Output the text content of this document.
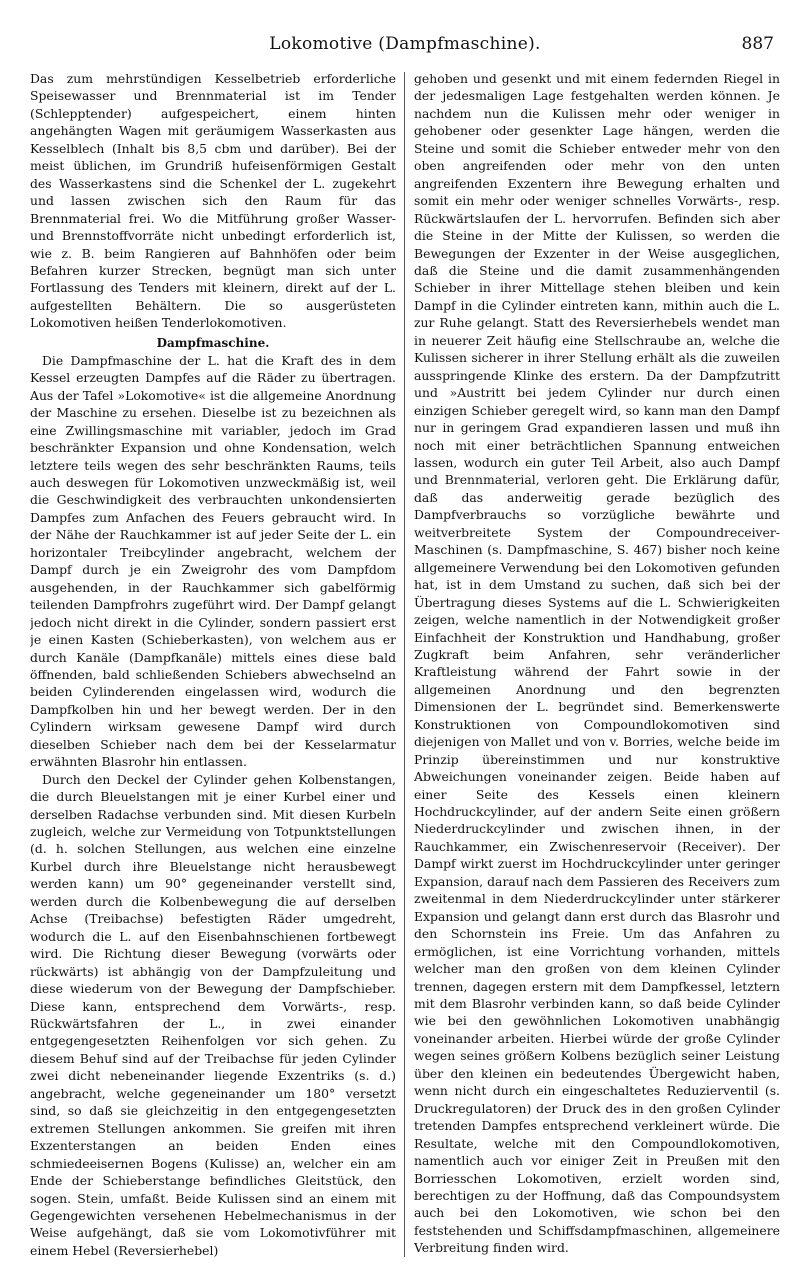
Lokomotive (Dampfmaschine).	887

Das zum mehrstündigen Kesselbetrieb erforderliche Speisewasser und Brennmaterial ist im Tender (Schlepptender) aufgespeichert, einem hinten angehängten Wagen mit geräumigem Wasserkasten aus Kesselblech (Inhalt bis 8,5 cbm und darüber). Bei der meist üblichen, im Grundriß hufeisenförmigen Gestalt des Wasserkastens sind die Schenkel der L. zugekehrt und lassen zwischen sich den Raum für das Brennmaterial frei. Wo die Mitführung großer Wasser- und Brennstoffvorräte nicht unbedingt erforderlich ist, wie z. B. beim Rangieren auf Bahnhöfen oder beim Befahren kurzer Strecken, begnügt man sich unter Fortlassung des Tenders mit kleinern, direkt auf der L. aufgestellten Behältern. Die so ausgerüsteten Lokomotiven heißen Tenderlokomotiven.

Dampfmaschine.

Die Dampfmaschine der L. hat die Kraft des in dem Kessel erzeugten Dampfes auf die Räder zu übertragen. Aus der Tafel »Lokomotive« ist die allgemeine Anordnung der Maschine zu ersehen. Dieselbe ist zu bezeichnen als eine Zwillingsmaschine mit variabler, jedoch im Grad beschränkter Expansion und ohne Kondensation, welch letztere teils wegen des sehr beschränkten Raums, teils auch deswegen für Lokomotiven unzweckmäßig ist, weil die Geschwindigkeit des verbrauchten unkondensierten Dampfes zum Anfachen des Feuers gebraucht wird. In der Nähe der Rauchkammer ist auf jeder Seite der L. ein horizontaler Treibcylinder angebracht, welchem der Dampf durch je ein Zweigrohr des vom Dampfdom ausgehenden, in der Rauchkammer sich gabelförmig teilenden Dampfrohrs zugeführt wird. Der Dampf gelangt jedoch nicht direkt in die Cylinder, sondern passiert erst je einen Kasten (Schieberkasten), von welchem aus er durch Kanäle (Dampfkanäle) mittels eines diese bald öffnenden, bald schließenden Schiebers abwechselnd an beiden Cylinderenden eingelassen wird, wodurch die Dampfkolben hin und her bewegt werden. Der in den Cylindern wirksam gewesene Dampf wird durch dieselben Schieber nach dem bei der Kesselarmatur erwähnten Blasrohr hin entlassen.

Durch den Deckel der Cylinder gehen Kolbenstangen, die durch Bleuelstangen mit je einer Kurbel einer und derselben Radachse verbunden sind. Mit diesen Kurbeln zugleich, welche zur Vermeidung von Totpunktstellungen (d. h. solchen Stellungen, aus welchen eine einzelne Kurbel durch ihre Bleuelstange nicht herausbewegt werden kann) um 90° gegeneinander verstellt sind, werden durch die Kolbenbewegung die auf derselben Achse (Treibachse) befestigten Räder umgedreht, wodurch die L. auf den Eisenbahnschienen fortbewegt wird. Die Richtung dieser Bewegung (vorwärts oder rückwärts) ist abhängig von der Dampfzuleitung und diese wiederum von der Bewegung der Dampfschieber. Diese kann, entsprechend dem Vorwärts-, resp. Rückwärtsfahren der L., in zwei einander entgegengesetzten Reihenfolgen vor sich gehen. Zu diesem Behuf sind auf der Treibachse für jeden Cylinder zwei dicht nebeneinander liegende Exzentriks (s. d.) angebracht, welche gegeneinander um 180° versetzt sind, so daß sie gleichzeitig in den entgegengesetzten extremen Stellungen ankommen. Sie greifen mit ihren Exzenterstangen an beiden Enden eines schmiedeeisernen Bogens (Kulisse) an, welcher ein am Ende der Schieberstange befindliches Gleitstück, den sogen. Stein, umfaßt. Beide Kulissen sind an einem mit Gegengewichten versehenen Hebelmechanismus in der Weise aufgehängt, daß sie vom Lokomotivführer mit einem Hebel (Reversierhebel)

gehoben und gesenkt und mit einem federnden Riegel in der jedesmaligen Lage festgehalten werden können. Je nachdem nun die Kulissen mehr oder weniger in gehobener oder gesenkter Lage hängen, werden die Steine und somit die Schieber entweder mehr von den oben angreifenden oder mehr von den unten angreifenden Exzentern ihre Bewegung erhalten und somit ein mehr oder weniger schnelles Vorwärts-, resp. Rückwärtslaufen der L. hervorrufen. Befinden sich aber die Steine in der Mitte der Kulissen, so werden die Bewegungen der Exzenter in der Weise ausgeglichen, daß die Steine und die damit zusammenhängenden Schieber in ihrer Mittellage stehen bleiben und kein Dampf in die Cylinder eintreten kann, mithin auch die L. zur Ruhe gelangt. Statt des Reversierhebels wendet man in neuerer Zeit häufig eine Stellschraube an, welche die Kulissen sicherer in ihrer Stellung erhält als die zuweilen ausspringende Klinke des erstern. Da der Dampfzutritt und »Austritt bei jedem Cylinder nur durch einen einzigen Schieber geregelt wird, so kann man den Dampf nur in geringem Grad expandieren lassen und muß ihn noch mit einer beträchtlichen Spannung entweichen lassen, wodurch ein guter Teil Arbeit, also auch Dampf und Brennmaterial, verloren geht. Die Erklärung dafür, daß das anderweitig gerade bezüglich des Dampfverbrauchs so vorzügliche bewährte und weitverbreitete System der Compoundreceiver-Maschinen (s. Dampfmaschine, S. 467) bisher noch keine allgemeinere Verwendung bei den Lokomotiven gefunden hat, ist in dem Umstand zu suchen, daß sich bei der Übertragung dieses Systems auf die L. Schwierigkeiten zeigen, welche namentlich in der Notwendigkeit großer Einfachheit der Konstruktion und Handhabung, großer Zugkraft beim Anfahren, sehr veränderlicher Kraftleistung während der Fahrt sowie in der allgemeinen Anordnung und den begrenzten Dimensionen der L. begründet sind. Bemerkenswerte Konstruktionen von Compoundlokomotiven sind diejenigen von Mallet und von v. Borries, welche beide im Prinzip übereinstimmen und nur konstruktive Abweichungen voneinander zeigen. Beide haben auf einer Seite des Kessels einen kleinern Hochdruckcylinder, auf der andern Seite einen größern Niederdruckcylinder und zwischen ihnen, in der Rauchkammer, ein Zwischenreservoir (Receiver). Der Dampf wirkt zuerst im Hochdruckcylinder unter geringer Expansion, darauf nach dem Passieren des Receivers zum zweitenmal in dem Niederdruckcylinder unter stärkerer Expansion und gelangt dann erst durch das Blasrohr und den Schornstein ins Freie. Um das Anfahren zu ermöglichen, ist eine Vorrichtung vorhanden, mittels welcher man den großen von dem kleinen Cylinder trennen, dagegen erstern mit dem Dampfkessel, letztern mit dem Blasrohr verbinden kann, so daß beide Cylinder wie bei den gewöhnlichen Lokomotiven unabhängig voneinander arbeiten. Hierbei würde der große Cylinder wegen seines größern Kolbens bezüglich seiner Leistung über den kleinen ein bedeutendes Übergewicht haben, wenn nicht durch ein eingeschaltetes Reduzierventil (s. Druckregulatoren) der Druck des in den großen Cylinder tretenden Dampfes entsprechend verkleinert würde. Die Resultate, welche mit den Compoundlokomotiven, namentlich auch vor einiger Zeit in Preußen mit den Borriesschen Lokomotiven, erzielt worden sind, berechtigen zu der Hoffnung, daß das Compoundsystem auch bei den Lokomotiven, wie schon bei den feststehenden und Schiffsdampfmaschinen, allgemeinere Verbreitung finden wird.
